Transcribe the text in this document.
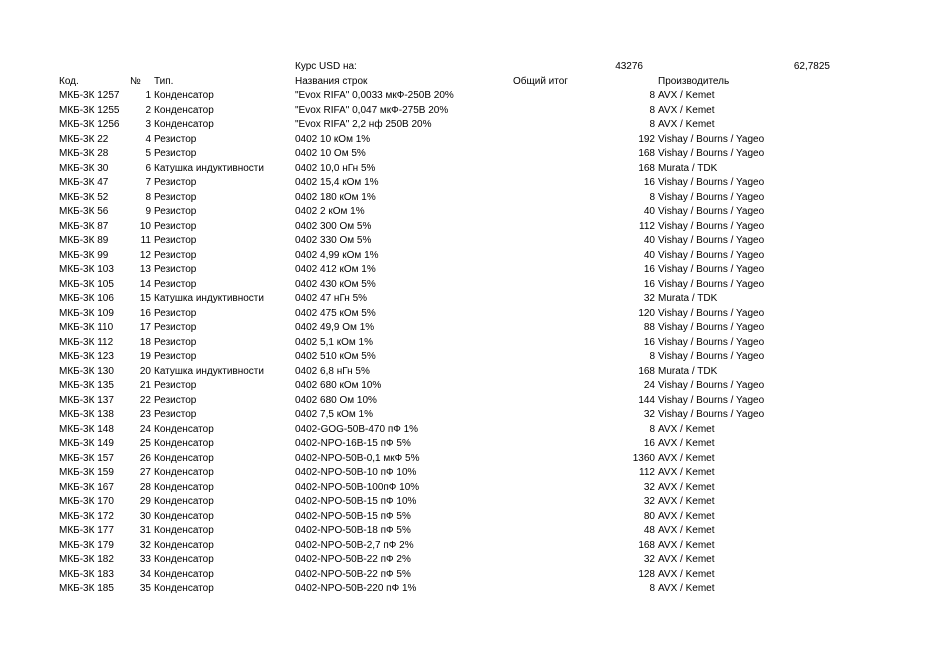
Курс USD на:	43276	62,7825
Код.	№ Тип.	Названия строк	Общий итог	Производитель
МКБ-3К 1257	1 Конденсатор	"Evox RIFA" 0,0033 мкФ-250В 20%	8 AVX / Kemet
МКБ-3К 1255	2 Конденсатор	"Evox RIFA" 0,047 мкФ-275В 20%	8 AVX / Kemet
МКБ-3К 1256	3 Конденсатор	"Evox RIFA" 2,2 нф 250В 20%	8 AVX / Kemet
МКБ-3К 22	4 Резистор	0402 10 кОм 1%	192 Vishay / Bourns / Yageo
МКБ-3К 28	5 Резистор	0402 10 Ом 5%	168 Vishay / Bourns / Yageo
МКБ-3К 30	6 Катушка индуктивности	0402 10,0 нГн 5%	168 Murata / TDK
МКБ-3К 47	7 Резистор	0402 15,4 кОм 1%	16 Vishay / Bourns / Yageo
МКБ-3К 52	8 Резистор	0402 180 кОм 1%	8 Vishay / Bourns / Yageo
МКБ-3К 56	9 Резистор	0402 2 кОм 1%	40 Vishay / Bourns / Yageo
МКБ-3К 87	10 Резистор	0402 300 Ом 5%	112 Vishay / Bourns / Yageo
МКБ-3К 89	11 Резистор	0402 330 Ом 5%	40 Vishay / Bourns / Yageo
МКБ-3К 99	12 Резистор	0402 4,99 кОм 1%	40 Vishay / Bourns / Yageo
МКБ-3К 103	13 Резистор	0402 412 кОм 1%	16 Vishay / Bourns / Yageo
МКБ-3К 105	14 Резистор	0402 430 кОм 5%	16 Vishay / Bourns / Yageo
МКБ-3К 106	15 Катушка индуктивности	0402 47 нГн 5%	32 Murata / TDK
МКБ-3К 109	16 Резистор	0402 475 кОм 5%	120 Vishay / Bourns / Yageo
МКБ-3К 110	17 Резистор	0402 49,9 Ом 1%	88 Vishay / Bourns / Yageo
МКБ-3К 112	18 Резистор	0402 5,1 кОм 1%	16 Vishay / Bourns / Yageo
МКБ-3К 123	19 Резистор	0402 510 кОм 5%	8 Vishay / Bourns / Yageo
МКБ-3К 130	20 Катушка индуктивности	0402 6,8 нГн 5%	168 Murata / TDK
МКБ-3К 135	21 Резистор	0402 680 кОм 10%	24 Vishay / Bourns / Yageo
МКБ-3К 137	22 Резистор	0402 680 Ом 10%	144 Vishay / Bourns / Yageo
МКБ-3К 138	23 Резистор	0402 7,5 кОм 1%	32 Vishay / Bourns / Yageo
МКБ-3К 148	24 Конденсатор	0402-GOG-50В-470 пФ 1%	8 AVX / Kemet
МКБ-3К 149	25 Конденсатор	0402-NPO-16В-15 пФ 5%	16 AVX / Kemet
МКБ-3К 157	26 Конденсатор	0402-NPO-50В-0,1 мкФ 5%	1360 AVX / Kemet
МКБ-3К 159	27 Конденсатор	0402-NPO-50В-10 пФ 10%	112 AVX / Kemet
МКБ-3К 167	28 Конденсатор	0402-NPO-50В-100пФ 10%	32 AVX / Kemet
МКБ-3К 170	29 Конденсатор	0402-NPO-50В-15 пФ 10%	32 AVX / Kemet
МКБ-3К 172	30 Конденсатор	0402-NPO-50В-15 пФ 5%	80 AVX / Kemet
МКБ-3К 177	31 Конденсатор	0402-NPO-50В-18 пФ 5%	48 AVX / Kemet
МКБ-3К 179	32 Конденсатор	0402-NPO-50В-2,7 пФ 2%	168 AVX / Kemet
МКБ-3К 182	33 Конденсатор	0402-NPO-50В-22 пФ 2%	32 AVX / Kemet
МКБ-3К 183	34 Конденсатор	0402-NPO-50В-22 пФ 5%	128 AVX / Kemet
МКБ-3К 185	35 Конденсатор	0402-NPO-50В-220 пФ 1%	8 AVX / Kemet
